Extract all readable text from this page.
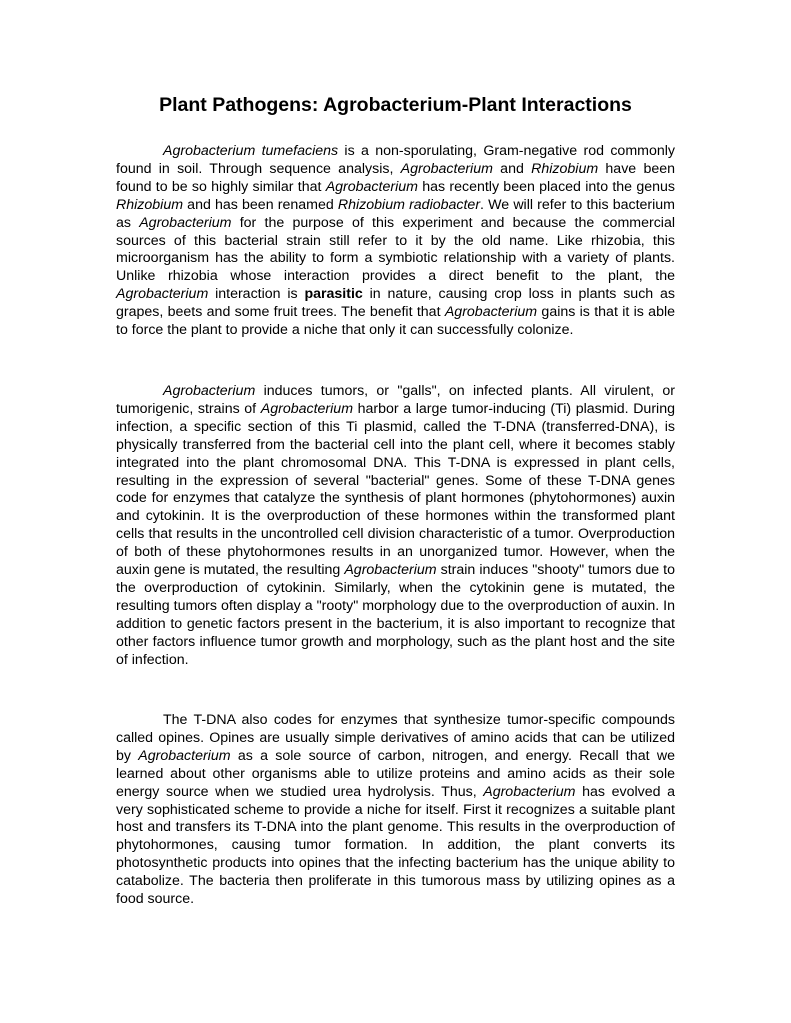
Plant Pathogens: Agrobacterium-Plant Interactions

Agrobacterium tumefaciens is a non-sporulating, Gram-negative rod commonly found in soil. Through sequence analysis, Agrobacterium and Rhizobium have been found to be so highly similar that Agrobacterium has recently been placed into the genus Rhizobium and has been renamed Rhizobium radiobacter. We will refer to this bacterium as Agrobacterium for the purpose of this experiment and because the commercial sources of this bacterial strain still refer to it by the old name. Like rhizobia, this microorganism has the ability to form a symbiotic relationship with a variety of plants. Unlike rhizobia whose interaction provides a direct benefit to the plant, the Agrobacterium interaction is parasitic in nature, causing crop loss in plants such as grapes, beets and some fruit trees. The benefit that Agrobacterium gains is that it is able to force the plant to provide a niche that only it can successfully colonize.

Agrobacterium induces tumors, or "galls", on infected plants. All virulent, or tumorigenic, strains of Agrobacterium harbor a large tumor-inducing (Ti) plasmid. During infection, a specific section of this Ti plasmid, called the T-DNA (transferred-DNA), is physically transferred from the bacterial cell into the plant cell, where it becomes stably integrated into the plant chromosomal DNA. This T-DNA is expressed in plant cells, resulting in the expression of several "bacterial" genes. Some of these T-DNA genes code for enzymes that catalyze the synthesis of plant hormones (phytohormones) auxin and cytokinin. It is the overproduction of these hormones within the transformed plant cells that results in the uncontrolled cell division characteristic of a tumor. Overproduction of both of these phytohormones results in an unorganized tumor. However, when the auxin gene is mutated, the resulting Agrobacterium strain induces "shooty" tumors due to the overproduction of cytokinin. Similarly, when the cytokinin gene is mutated, the resulting tumors often display a "rooty" morphology due to the overproduction of auxin. In addition to genetic factors present in the bacterium, it is also important to recognize that other factors influence tumor growth and morphology, such as the plant host and the site of infection.

The T-DNA also codes for enzymes that synthesize tumor-specific compounds called opines. Opines are usually simple derivatives of amino acids that can be utilized by Agrobacterium as a sole source of carbon, nitrogen, and energy. Recall that we learned about other organisms able to utilize proteins and amino acids as their sole energy source when we studied urea hydrolysis. Thus, Agrobacterium has evolved a very sophisticated scheme to provide a niche for itself. First it recognizes a suitable plant host and transfers its T-DNA into the plant genome. This results in the overproduction of phytohormones, causing tumor formation. In addition, the plant converts its photosynthetic products into opines that the infecting bacterium has the unique ability to catabolize. The bacteria then proliferate in this tumorous mass by utilizing opines as a food source.
